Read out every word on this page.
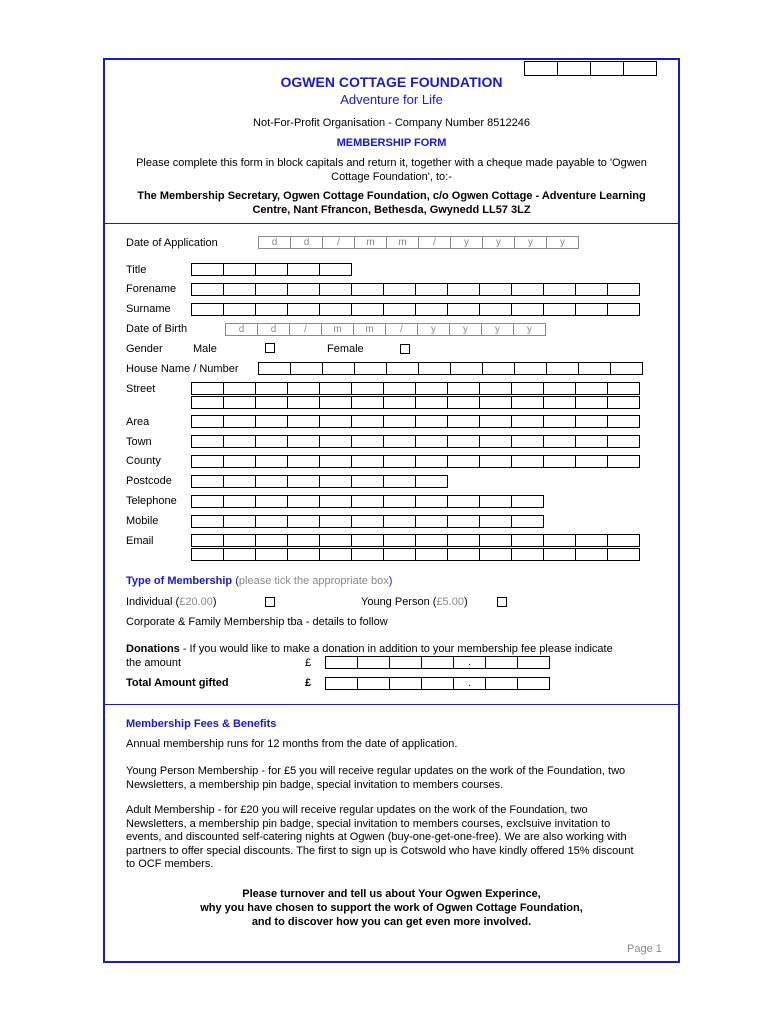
OGWEN COTTAGE FOUNDATION
Adventure for Life
Not-For-Profit Organisation - Company Number 8512246
MEMBERSHIP FORM
Please complete this form in block capitals and return it, together with a cheque made payable to 'Ogwen
Cottage Foundation', to:-
The Membership Secretary, Ogwen Cottage Foundation, c/o Ogwen Cottage - Adventure Learning
Centre, Nant Ffrancon, Bethesda, Gwynedd LL57 3LZ
Date of Application	d	d	/	m	m	/	y	y	y	y
Title
Forename
Surname
Date of Birth	d	d	/	m	m	/	y	y	y	y
Gender	Male	Female
House Name / Number
Street
Area
Town
County
Postcode
Telephone
Mobile
Email
Type of Membership (please tick the appropriate box)
Individual (£20.00)	Young Person (£5.00)
Corporate & Family Membership tba - details to follow
Donations - If you would like to make a donation in addition to your membership fee please indicate
the amount	£	.
Total Amount gifted	£	.
Membership Fees & Benefits
Annual membership runs for 12 months from the date of application.
Young Person Membership - for £5 you will receive regular updates on the work of the Foundation, two
Newsletters, a membership pin badge, special invitation to members courses.
Adult Membership - for £20 you will receive regular updates on the work of the Foundation, two
Newsletters, a membership pin badge, special invitation to members courses, exclsuive invitation to
events, and discounted self-catering nights at Ogwen (buy-one-get-one-free). We are also working with
partners to offer special discounts. The first to sign up is Cotswold who have kindly offered 15% discount
to OCF members.
Please turnover and tell us about Your Ogwen Experince,
why you have chosen to support the work of Ogwen Cottage Foundation,
and to discover how you can get even more involved.
Page 1
